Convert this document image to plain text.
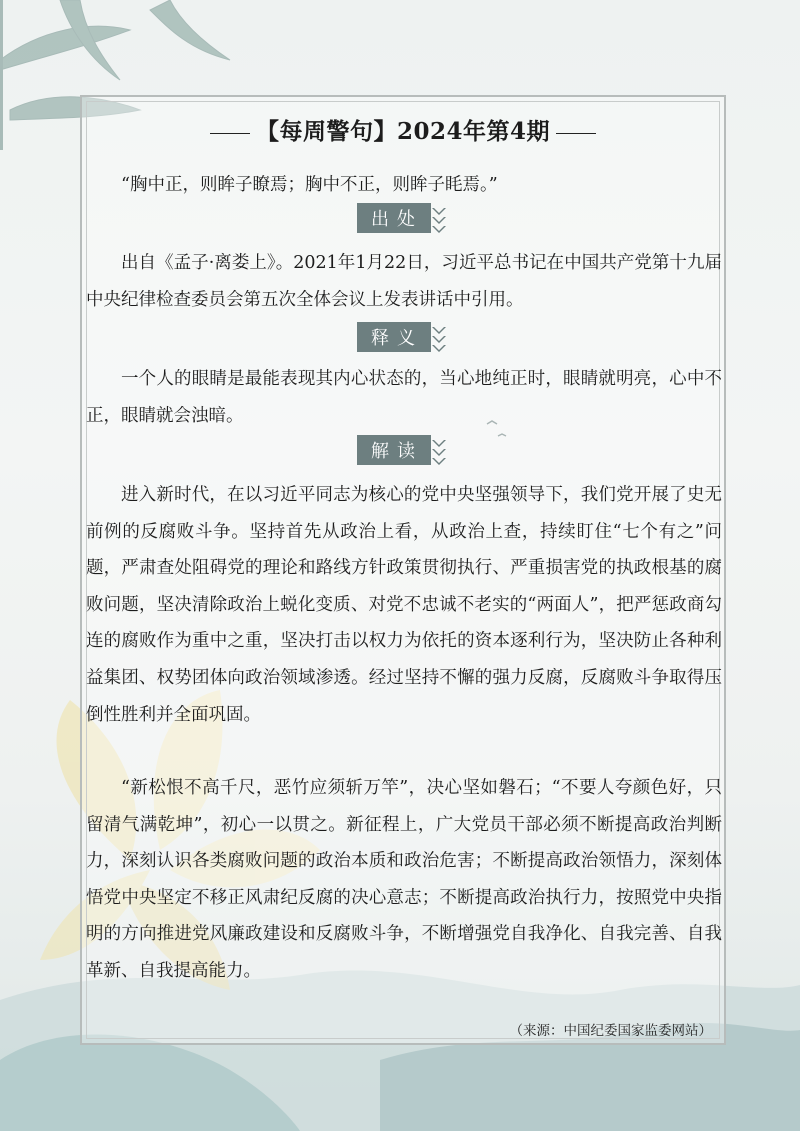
【每周警句】2024年第4期

“胸中正，则眸子瞭焉；胸中不正，则眸子眊焉。”

出处

出自《孟子·离娄上》。2021年1月22日，习近平总书记在中国共产党第十九届中央纪律检查委员会第五次全体会议上发表讲话中引用。

释义

一个人的眼睛是最能表现其内心状态的，当心地纯正时，眼睛就明亮，心中不正，眼睛就会浊暗。

解读

进入新时代，在以习近平同志为核心的党中央坚强领导下，我们党开展了史无前例的反腐败斗争。坚持首先从政治上看，从政治上查，持续盯住“七个有之”问题，严肃查处阻碍党的理论和路线方针政策贯彻执行、严重损害党的执政根基的腐败问题，坚决清除政治上蜕化变质、对党不忠诚不老实的“两面人”，把严惩政商勾连的腐败作为重中之重，坚决打击以权力为依托的资本逐利行为，坚决防止各种利益集团、权势团体向政治领域渗透。经过坚持不懈的强力反腐，反腐败斗争取得压倒性胜利并全面巩固。

“新松恨不高千尺，恶竹应须斩万竿”，决心坚如磐石；“不要人夸颜色好，只留清气满乾坤”，初心一以贯之。新征程上，广大党员干部必须不断提高政治判断力，深刻认识各类腐败问题的政治本质和政治危害；不断提高政治领悟力，深刻体悟党中央坚定不移正风肃纪反腐的决心意志；不断提高政治执行力，按照党中央指明的方向推进党风廉政建设和反腐败斗争，不断增强党自我净化、自我完善、自我革新、自我提高能力。

（来源：中国纪委国家监委网站）
